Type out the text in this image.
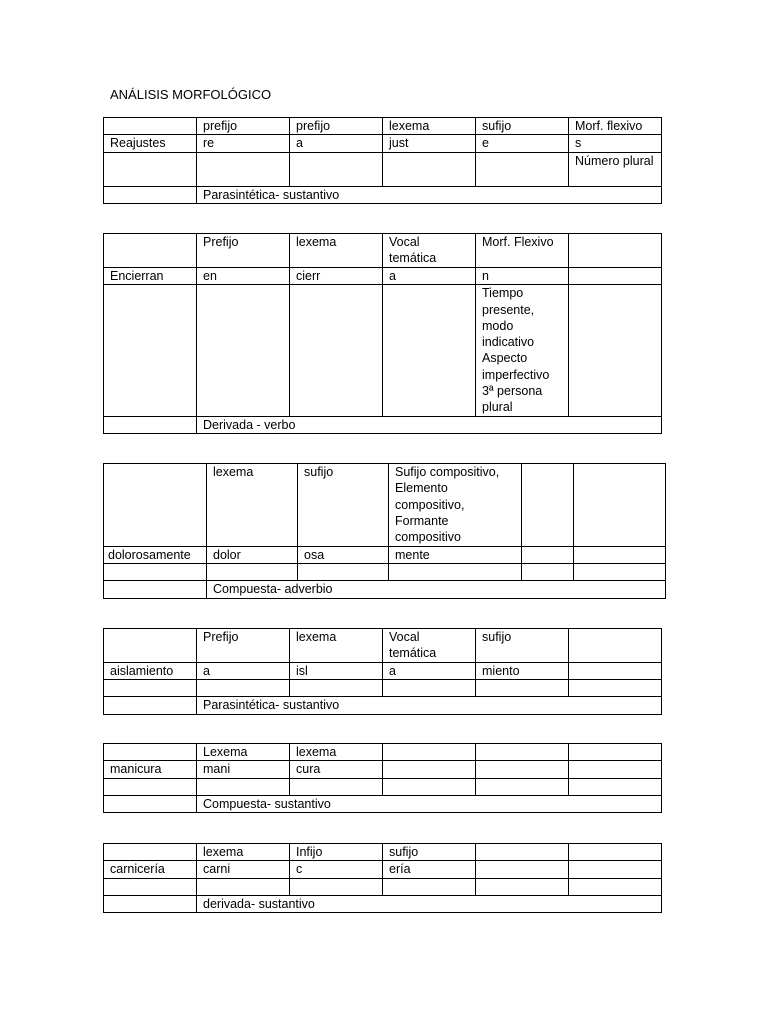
ANÁLISIS MORFOLÓGICO
	prefijo	prefijo	lexema	sufijo	Morf. flexivo
Reajustes	re	a	just	e	s
					Número plural
	Parasintética- sustantivo				
	Prefijo	lexema	Vocal temática	Morf. Flexivo	
Encierran	en	cierr	a	n	
				Tiempo presente, modo indicativo Aspecto imperfectivo 3ª persona plural	
	Derivada - verbo				
	lexema	sufijo	Sufijo compositivo, Elemento compositivo, Formante compositivo		
dolorosamente	dolor	osa	mente		

	Compuesta- adverbio				
	Prefijo	lexema	Vocal temática	sufijo	
aislamiento	a	isl	a	miento	

	Parasintética- sustantivo				
	Lexema	lexema			
manicura	mani	cura			

	Compuesta- sustantivo				
	lexema	Infijo	sufijo		
carnicería	carni	c	ería		

	derivada- sustantivo				
